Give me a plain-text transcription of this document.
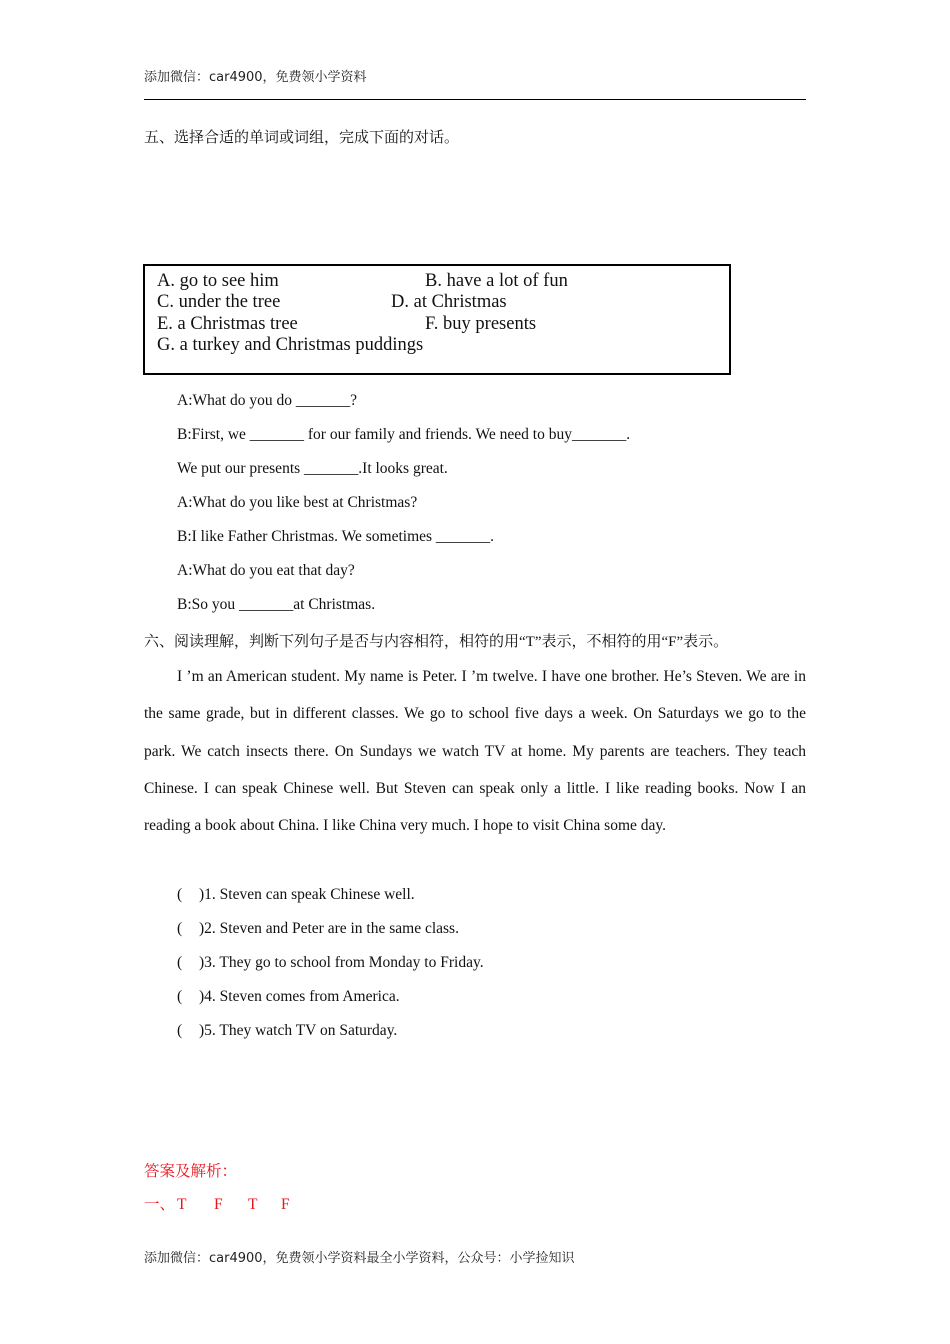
添加微信：car4900，免费领小学资料
五、选择合适的单词或词组，完成下面的对话。
A. go to see him	B. have a lot of fun
C. under the tree	D. at Christmas
E. a Christmas tree	F. buy presents
G. a turkey and Christmas puddings
A:What do you do _______?
B:First, we _______ for our family and friends. We need to buy_______.
We put our presents _______.It looks great.
A:What do you like best at Christmas?
B:I like Father Christmas. We sometimes _______.
A:What do you eat that day?
B:So you _______at Christmas.
六、阅读理解，判断下列句子是否与内容相符，相符的用“T”表示，不相符的用“F”表示。
I ’m an American student. My name is Peter. I ’m twelve. I have one brother. He’s Steven. We are in the same grade, but in different classes. We go to school five days a week. On Saturdays we go to the park. We catch insects there. On Sundays we watch TV at home. My parents are teachers. They teach Chinese. I can speak Chinese well. But Steven can speak only a little. I like reading books. Now I an reading a book about China. I like China very much. I hope to visit China some day.
( )1. Steven can speak Chinese well.
( )2. Steven and Peter are in the same class.
( )3. They go to school from Monday to Friday.
( )4. Steven comes from America.
( )5. They watch TV on Saturday.
答案及解析：
一、 T F T F
添加微信：car4900，免费领小学资料最全小学资料，公众号：小学捡知识
